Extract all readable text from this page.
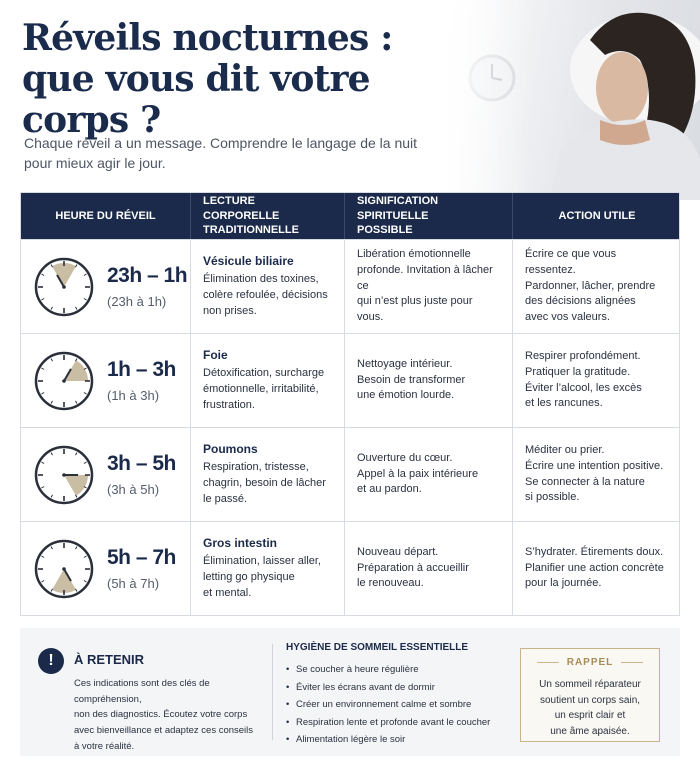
Réveils nocturnes :
que vous dit votre corps ?
Chaque réveil a un message. Comprendre le langage de la nuit
pour mieux agir le jour.
HEURE DU RÉVEIL
LECTURE CORPORELLE
TRADITIONNELLE
SIGNIFICATION SPIRITUELLE
POSSIBLE
ACTION UTILE
23h – 1h
(23h à 1h)
Vésicule biliaire
Élimination des toxines,
colère refoulée, décisions
non prises.
Libération émotionnelle
profonde. Invitation à lâcher ce
qui n’est plus juste pour vous.
Écrire ce que vous ressentez.
Pardonner, lâcher, prendre
des décisions alignées
avec vos valeurs.
1h – 3h
(1h à 3h)
Foie
Détoxification, surcharge
émotionnelle, irritabilité,
frustration.
Nettoyage intérieur.
Besoin de transformer
une émotion lourde.
Respirer profondément.
Pratiquer la gratitude.
Éviter l’alcool, les excès
et les rancunes.
3h – 5h
(3h à 5h)
Poumons
Respiration, tristesse,
chagrin, besoin de lâcher
le passé.
Ouverture du cœur.
Appel à la paix intérieure
et au pardon.
Méditer ou prier.
Écrire une intention positive.
Se connecter à la nature
si possible.
5h – 7h
(5h à 7h)
Gros intestin
Élimination, laisser aller,
letting go physique
et mental.
Nouveau départ.
Préparation à accueillir
le renouveau.
S’hydrater. Étirements doux.
Planifier une action concrète
pour la journée.
!	À RETENIR
Ces indications sont des clés de compréhension,
non des diagnostics. Écoutez votre corps
avec bienveillance et adaptez ces conseils
à votre réalité.
HYGIÈNE DE SOMMEIL ESSENTIELLE
• Se coucher à heure régulière
• Éviter les écrans avant de dormir
• Créer un environnement calme et sombre
• Respiration lente et profonde avant le coucher
• Alimentation légère le soir
RAPPEL
Un sommeil réparateur
soutient un corps sain,
un esprit clair et
une âme apaisée.
